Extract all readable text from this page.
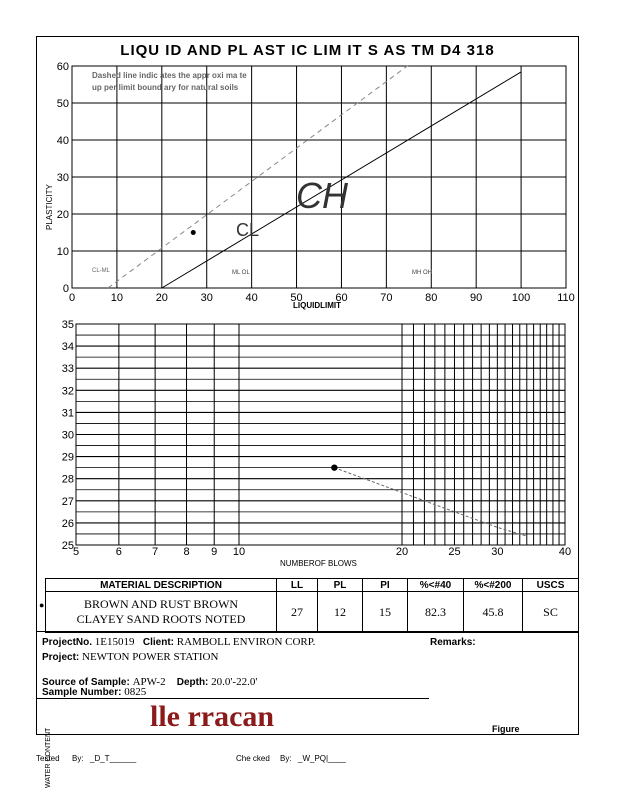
LIQU ID AND PL AST IC LIM IT S AS TM D4 318
0	10	20	30	40	50	60	70	80	90	100 110
0
10
20
30
40
50
60
Dashed line indic ates the appr oxi ma te
up per limit bound ary for natural soils
ML OL	MH OH
CL
CH
CL-ML
PLASTICITY
LIQUIDLIMIT
5	6	7 8 9 10	20	25	30	40
25
26
27
28
29
30
31
32
33
34
35
WATER CONTENT
NUMBEROF BLOWS
MATERIAL DESCRIPTION	LL	PL	PI	%<#40	%<#200	USCS
BROWN AND RUST BROWN CLAYEY SAND ROOTS NOTED	27	12	15	82.3	45.8	SC
●
ProjectNo. 1E15019 Client: RAMBOLL ENVIRON CORP.	Remarks:
Project: NEWTON POWER STATION
Source of Sample: APW-2 Depth: 20.0'-22.0'
Sample Number: 0825
lle rracan	Figure
Tested By: _D_T______	Che cked By: _W_PQ|____
